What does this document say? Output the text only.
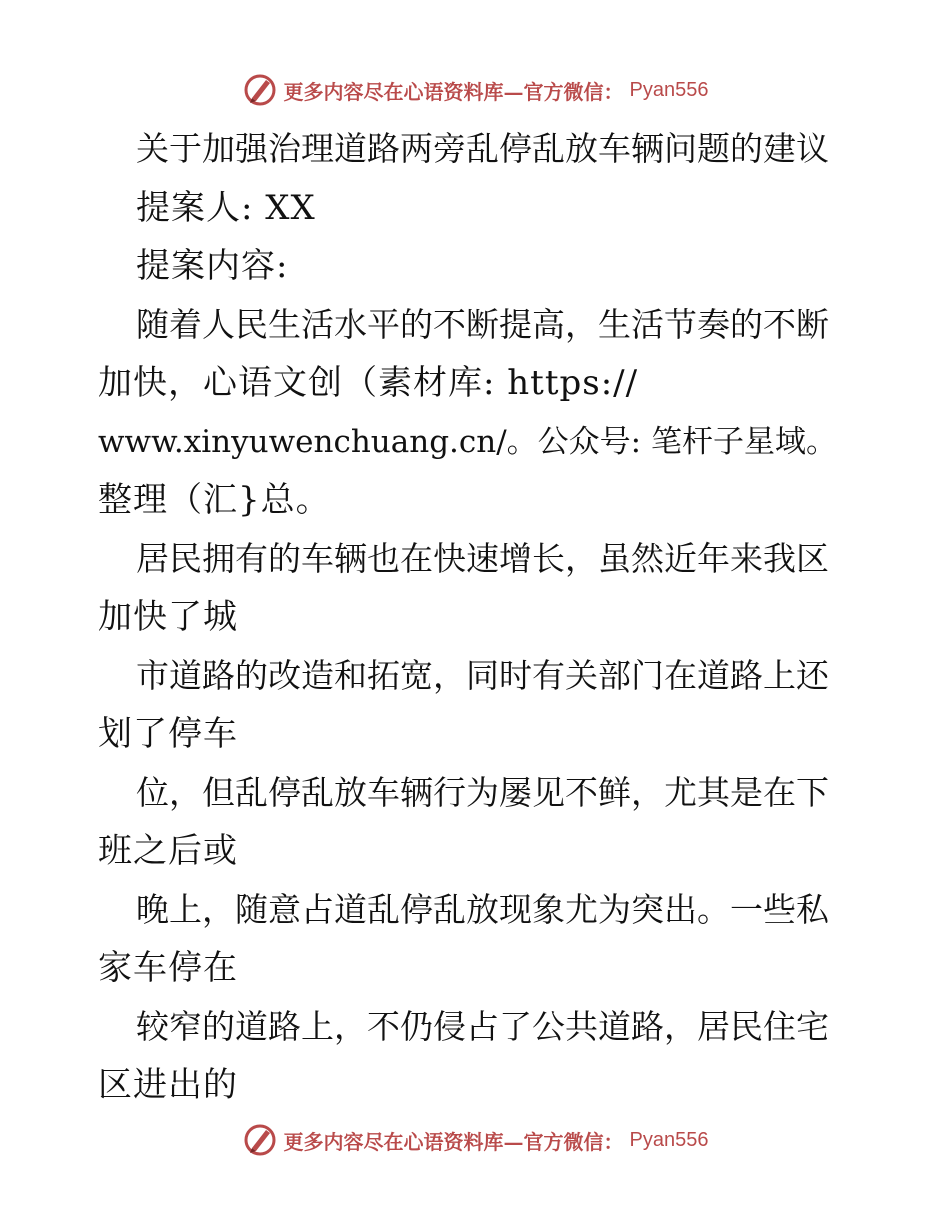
更多内容尽在心语资料库—官方微信： Pyan556
关于加强治理道路两旁乱停乱放车辆问题的建议
提案人: XX
提案内容:
随着人民生活水平的不断提高，生活节奏的不断
加快，心语文创（素材库: https://
www.xinyuwenchuang.cn/。公众号: 笔杆子星域。
整理（汇}总。
居民拥有的车辆也在快速增长，虽然近年来我区
加快了城
市道路的改造和拓宽，同时有关部门在道路上还
划了停车
位，但乱停乱放车辆行为屡见不鲜，尤其是在下
班之后或
晚上，随意占道乱停乱放现象尤为突出。一些私
家车停在
较窄的道路上，不仍侵占了公共道路，居民住宅
区进出的
更多内容尽在心语资料库—官方微信： Pyan556
